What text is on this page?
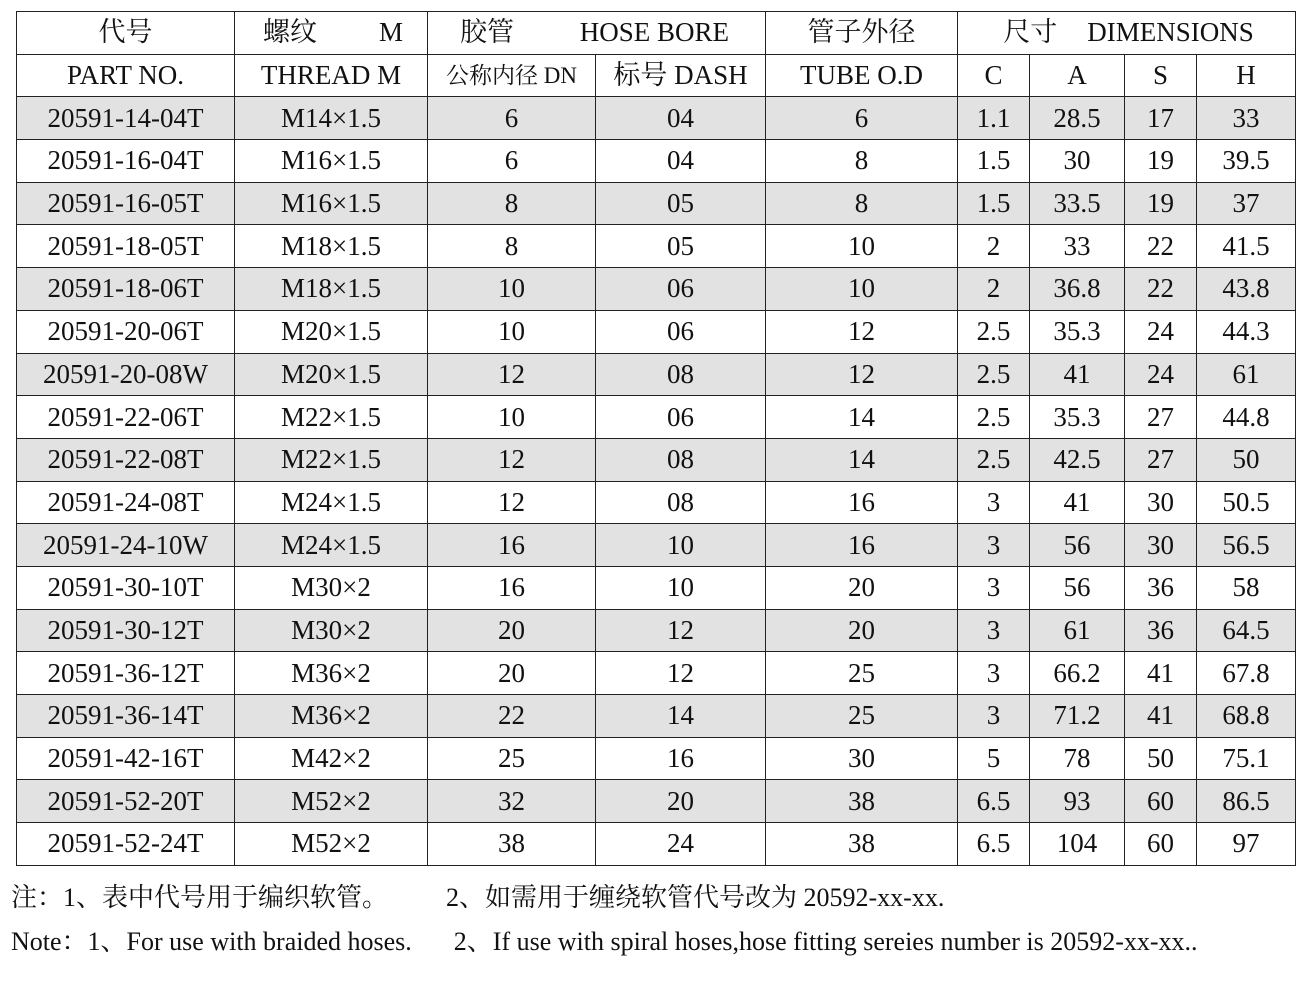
代号	螺纹 M	胶管 HOSE BORE		管子外径	尺寸 DIMENSIONS			

PART NO.	THREAD M	公称内径 DN	标号 DASH	TUBE O.D	C	A	S	H
20591-14-04T	M14×1.5	6	04	6	1.1	28.5	17	33
20591-16-04T	M16×1.5	6	04	8	1.5	30	19	39.5
20591-16-05T	M16×1.5	8	05	8	1.5	33.5	19	37
20591-18-05T	M18×1.5	8	05	10	2	33	22	41.5
20591-18-06T	M18×1.5	10	06	10	2	36.8	22	43.8
20591-20-06T	M20×1.5	10	06	12	2.5	35.3	24	44.3
20591-20-08W	M20×1.5	12	08	12	2.5	41	24	61
20591-22-06T	M22×1.5	10	06	14	2.5	35.3	27	44.8
20591-22-08T	M22×1.5	12	08	14	2.5	42.5	27	50
20591-24-08T	M24×1.5	12	08	16	3	41	30	50.5
20591-24-10W	M24×1.5	16	10	16	3	56	30	56.5
20591-30-10T	M30×2	16	10	20	3	56	36	58
20591-30-12T	M30×2	20	12	20	3	61	36	64.5
20591-36-12T	M36×2	20	12	25	3	66.2	41	67.8
20591-36-14T	M36×2	22	14	25	3	71.2	41	68.8
20591-42-16T	M42×2	25	16	30	5	78	50	75.1
20591-52-20T	M52×2	32	20	38	6.5	93	60	86.5
20591-52-24T	M52×2	38	24	38	6.5	104	60	97
注：1、表中代号用于编织软管。 2、如需用于缠绕软管代号改为 20592-xx-xx.
Note：1、For use with braided hoses. 2、If use with spiral hoses,hose fitting sereies number is 20592-xx-xx..
